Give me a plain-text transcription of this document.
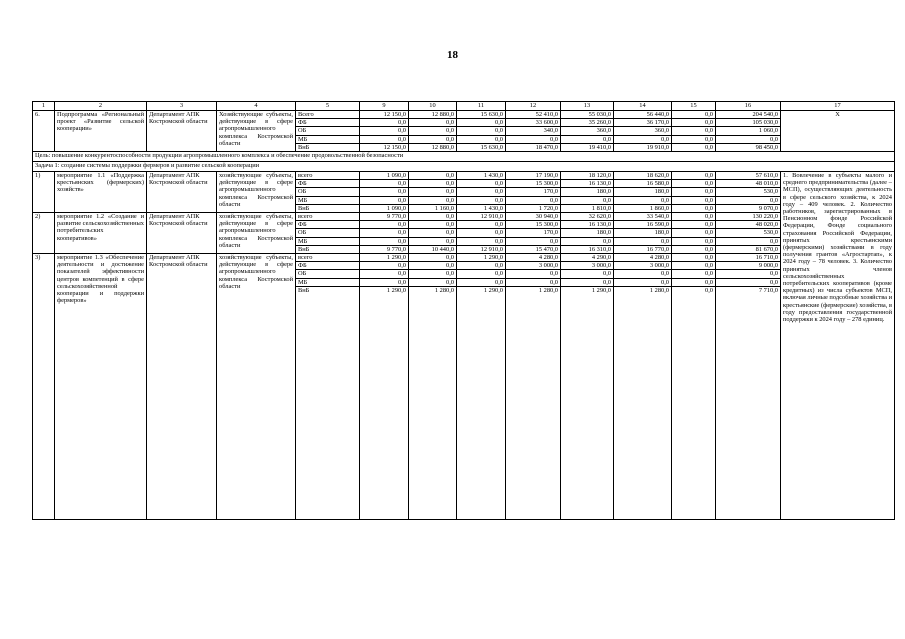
18
1	2	3	4	5	9	10	11	12	13	14	15	16	17
6.	Подпрограмма «Региональный проект «Развитие сельской кооперации»	Департамент АПК Костромской области	Хозяйствующие субъекты, действующие в сфере агропромышленного комплекса Костромской области	Всего	12 150,0	12 880,0	15 630,0	52 410,0	55 030,0	56 440,0	0,0	204 540,0	Х
				ФБ	0,0	0,0	0,0	33 600,0	35 260,0	36 170,0	0,0	105 030,0	
				ОБ	0,0	0,0	0,0	340,0	360,0	360,0	0,0	1 060,0	
				МБ	0,0	0,0	0,0	0,0	0,0	0,0	0,0	0,0	
				ВнБ	12 150,0	12 880,0	15 630,0	18 470,0	19 410,0	19 910,0	0,0	98 450,0	
Цель: повышение конкурентоспособности продукции агропромышленного комплекса и обеспечение продовольственной безопасности													
Задача 1: создание системы поддержки фермеров и развитие сельской кооперации													
1)	мероприятие 1.1 «Поддержка крестьянских (фермерских) хозяйств»	Департамент АПК Костромской области	хозяйствующие субъекты, действующие в сфере агропромышленного комплекса Костромской области	всего	1 090,0	0,0	1 430,0	17 190,0	18 120,0	18 620,0	0,0	57 610,0	1. Вовлечение в субъекты малого и среднего предпринимательства (далее – МСП), осуществляющих деятельность в сфере сельского хозяйства, к 2024 году – 409 человек. 2. Количество работников, зарегистрированных в Пенсионном фонде Российской Федерации, Фонде социального страхования Российской Федерации, принятых крестьянскими (фермерскими) хозяйствами в году получения грантов «Агростартап», к 2024 году – 78 человек. 3. Количество принятых членов сельскохозяйственных потребительских кооперативов (кроме кредитных) из числа субъектов МСП, включая личные подсобные хозяйства и крестьянские (фермерские) хозяйства, в году предоставления государственной поддержки к 2024 году – 278 единиц.
				ФБ	0,0	0,0	0,0	15 300,0	16 130,0	16 580,0	0,0	48 010,0	
				ОБ	0,0	0,0	0,0	170,0	180,0	180,0	0,0	530,0	
				МБ	0,0	0,0	0,0	0,0	0,0	0,0	0,0	0,0	
				ВнБ	1 090,0	1 160,0	1 430,0	1 720,0	1 810,0	1 860,0	0,0	9 070,0	
2)	мероприятие 1.2 «Создание и развитие сельскохозяйственных потребительских кооперативов»	Департамент АПК Костромской области	хозяйствующие субъекты, действующие в сфере агропромышленного комплекса Костромской области	всего	9 770,0	0,0	12 910,0	30 940,0	32 620,0	33 540,0	0,0	130 220,0	
				ФБ	0,0	0,0	0,0	15 300,0	16 130,0	16 590,0	0,0	48 020,0	
				ОБ	0,0	0,0	0,0	170,0	180,0	180,0	0,0	530,0	
				МБ	0,0	0,0	0,0	0,0	0,0	0,0	0,0	0,0	
				ВнБ	9 770,0	10 440,0	12 910,0	15 470,0	16 310,0	16 770,0	0,0	81 670,0	
3)	мероприятие 1.3 «Обеспечение деятельности и достижение показателей эффективности центров компетенций в сфере сельскохозяйственной кооперации и поддержки фермеров»	Департамент АПК Костромской области	хозяйствующие субъекты, действующие в сфере агропромышленного комплекса Костромской области	всего	1 290,0	0,0	1 290,0	4 280,0	4 290,0	4 280,0	0,0	16 710,0	
				ФБ	0,0	0,0	0,0	3 000,0	3 000,0	3 000,0	0,0	9 000,0	
				ОБ	0,0	0,0	0,0	0,0	0,0	0,0	0,0	0,0	
				МБ	0,0	0,0	0,0	0,0	0,0	0,0	0,0	0,0	
				ВнБ	1 290,0	1 280,0	1 290,0	1 280,0	1 290,0	1 280,0	0,0	7 710,0	
